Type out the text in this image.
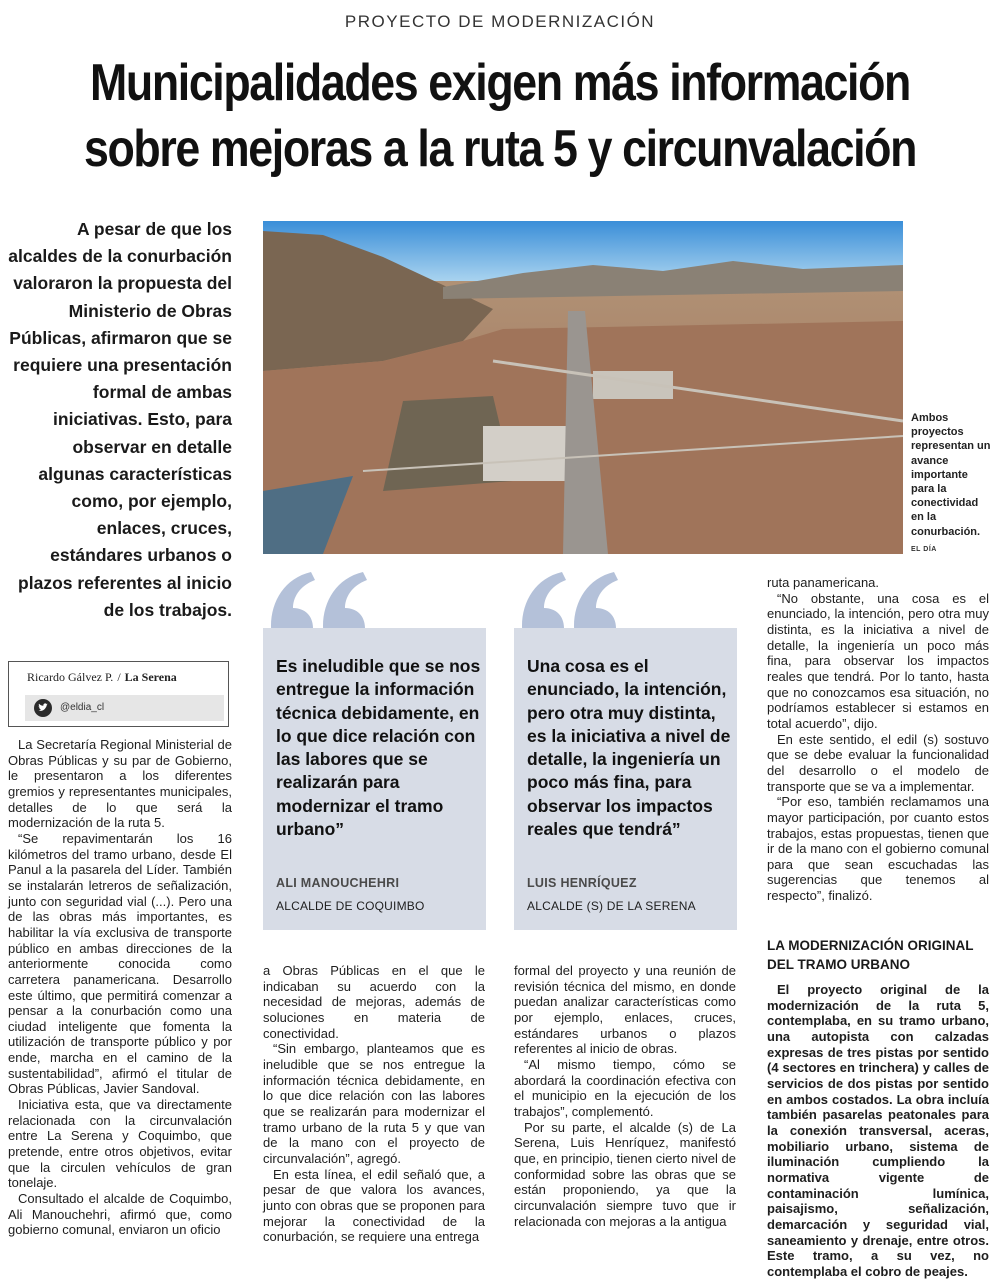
PROYECTO DE MODERNIZACIÓN
Municipalidades exigen más información
sobre mejoras a la ruta 5 y circunvalación
A pesar de que los alcaldes de la conurbación valoraron la propuesta del Ministerio de Obras Públicas, afirmaron que se requiere una presentación formal de ambas iniciativas. Esto, para observar en detalle algunas características como, por ejemplo, enlaces, cruces, estándares urbanos o plazos referentes al inicio de los trabajos.
Ambos proyectos representan un avance importante para la conectividad en la conurbación.
EL DÍA
Ricardo Gálvez P. / La Serena
@eldia_cl

La Secretaría Regional Ministerial de Obras Públicas y su par de Gobierno, le presentaron a los diferentes gremios y representantes municipales, detalles de lo que será la modernización de la ruta 5.

“Se repavimentarán los 16 kilómetros del tramo urbano, desde El Panul a la pasarela del Líder. También se instalarán letreros de señalización, junto con seguridad vial (...). Pero una de las obras más importantes, es habilitar la vía exclusiva de transporte público en ambas direcciones de la anteriormente conocida como carretera panamericana. Desarrollo este último, que permitirá comenzar a pensar a la conurbación como una ciudad inteligente que fomenta la utilización de transporte público y por ende, marcha en el camino de la sustentabilidad”, afirmó el titular de Obras Públicas, Javier Sandoval.

Iniciativa esta, que va directamente relacionada con la circunvalación entre La Serena y Coquimbo, que pretende, entre otros objetivos, evitar que la circulen vehículos de gran tonelaje.

Consultado el alcalde de Coquimbo, Ali Manouchehri, afirmó que, como gobierno comunal, enviaron un oficio

Es ineludible que se nos entregue la información técnica debidamente, en lo que dice relación con las labores que se realizarán para modernizar el tramo urbano”
ALI MANOUCHEHRI
ALCALDE DE COQUIMBO
Una cosa es el enunciado, la intención, pero otra muy distinta, es la iniciativa a nivel de detalle, la ingeniería un poco más fina, para observar los impactos reales que tendrá”
LUIS HENRÍQUEZ
ALCALDE (S) DE LA SERENA

a Obras Públicas en el que le indicaban su acuerdo con la necesidad de mejoras, además de soluciones en materia de conectividad.

“Sin embargo, planteamos que es ineludible que se nos entregue la información técnica debidamente, en lo que dice relación con las labores que se realizarán para modernizar el tramo urbano de la ruta 5 y que van de la mano con el proyecto de circunvalación”, agregó.

En esta línea, el edil señaló que, a pesar de que valora los avances, junto con obras que se proponen para mejorar la conectividad de la conurbación, se requiere una entrega

formal del proyecto y una reunión de revisión técnica del mismo, en donde puedan analizar características como por ejemplo, enlaces, cruces, estándares urbanos o plazos referentes al inicio de obras.

“Al mismo tiempo, cómo se abordará la coordinación efectiva con el municipio en la ejecución de los trabajos”, complementó.

Por su parte, el alcalde (s) de La Serena, Luis Henríquez, manifestó que, en principio, tienen cierto nivel de conformidad sobre las obras que se están proponiendo, ya que la circunvalación siempre tuvo que ir relacionada con mejoras a la antigua

ruta panamericana.

“No obstante, una cosa es el enunciado, la intención, pero otra muy distinta, es la iniciativa a nivel de detalle, la ingeniería un poco más fina, para observar los impactos reales que tendrá. Por lo tanto, hasta que no conozcamos esa situación, no podríamos establecer si estamos en total acuerdo”, dijo.

En este sentido, el edil (s) sostuvo que se debe evaluar la funcionalidad del desarrollo o el modelo de transporte que se va a implementar.

“Por eso, también reclamamos una mayor participación, por cuanto estos trabajos, estas propuestas, tienen que ir de la mano con el gobierno comunal para que sean escuchadas las sugerencias que tenemos al respecto”, finalizó.

LA MODERNIZACIÓN ORIGINAL DEL TRAMO URBANO

El proyecto original de la modernización de la ruta 5, contemplaba, en su tramo urbano, una autopista con calzadas expresas de tres pistas por sentido (4 sectores en trinchera) y calles de servicios de dos pistas por sentido en ambos costados. La obra incluía también pasarelas peatonales para la conexión transversal, aceras, mobiliario urbano, sistema de iluminación cumpliendo la normativa vigente de contaminación lumínica, paisajismo, señalización, demarcación y seguridad vial, saneamiento y drenaje, entre otros. Este tramo, a su vez, no contemplaba el cobro de peajes.
